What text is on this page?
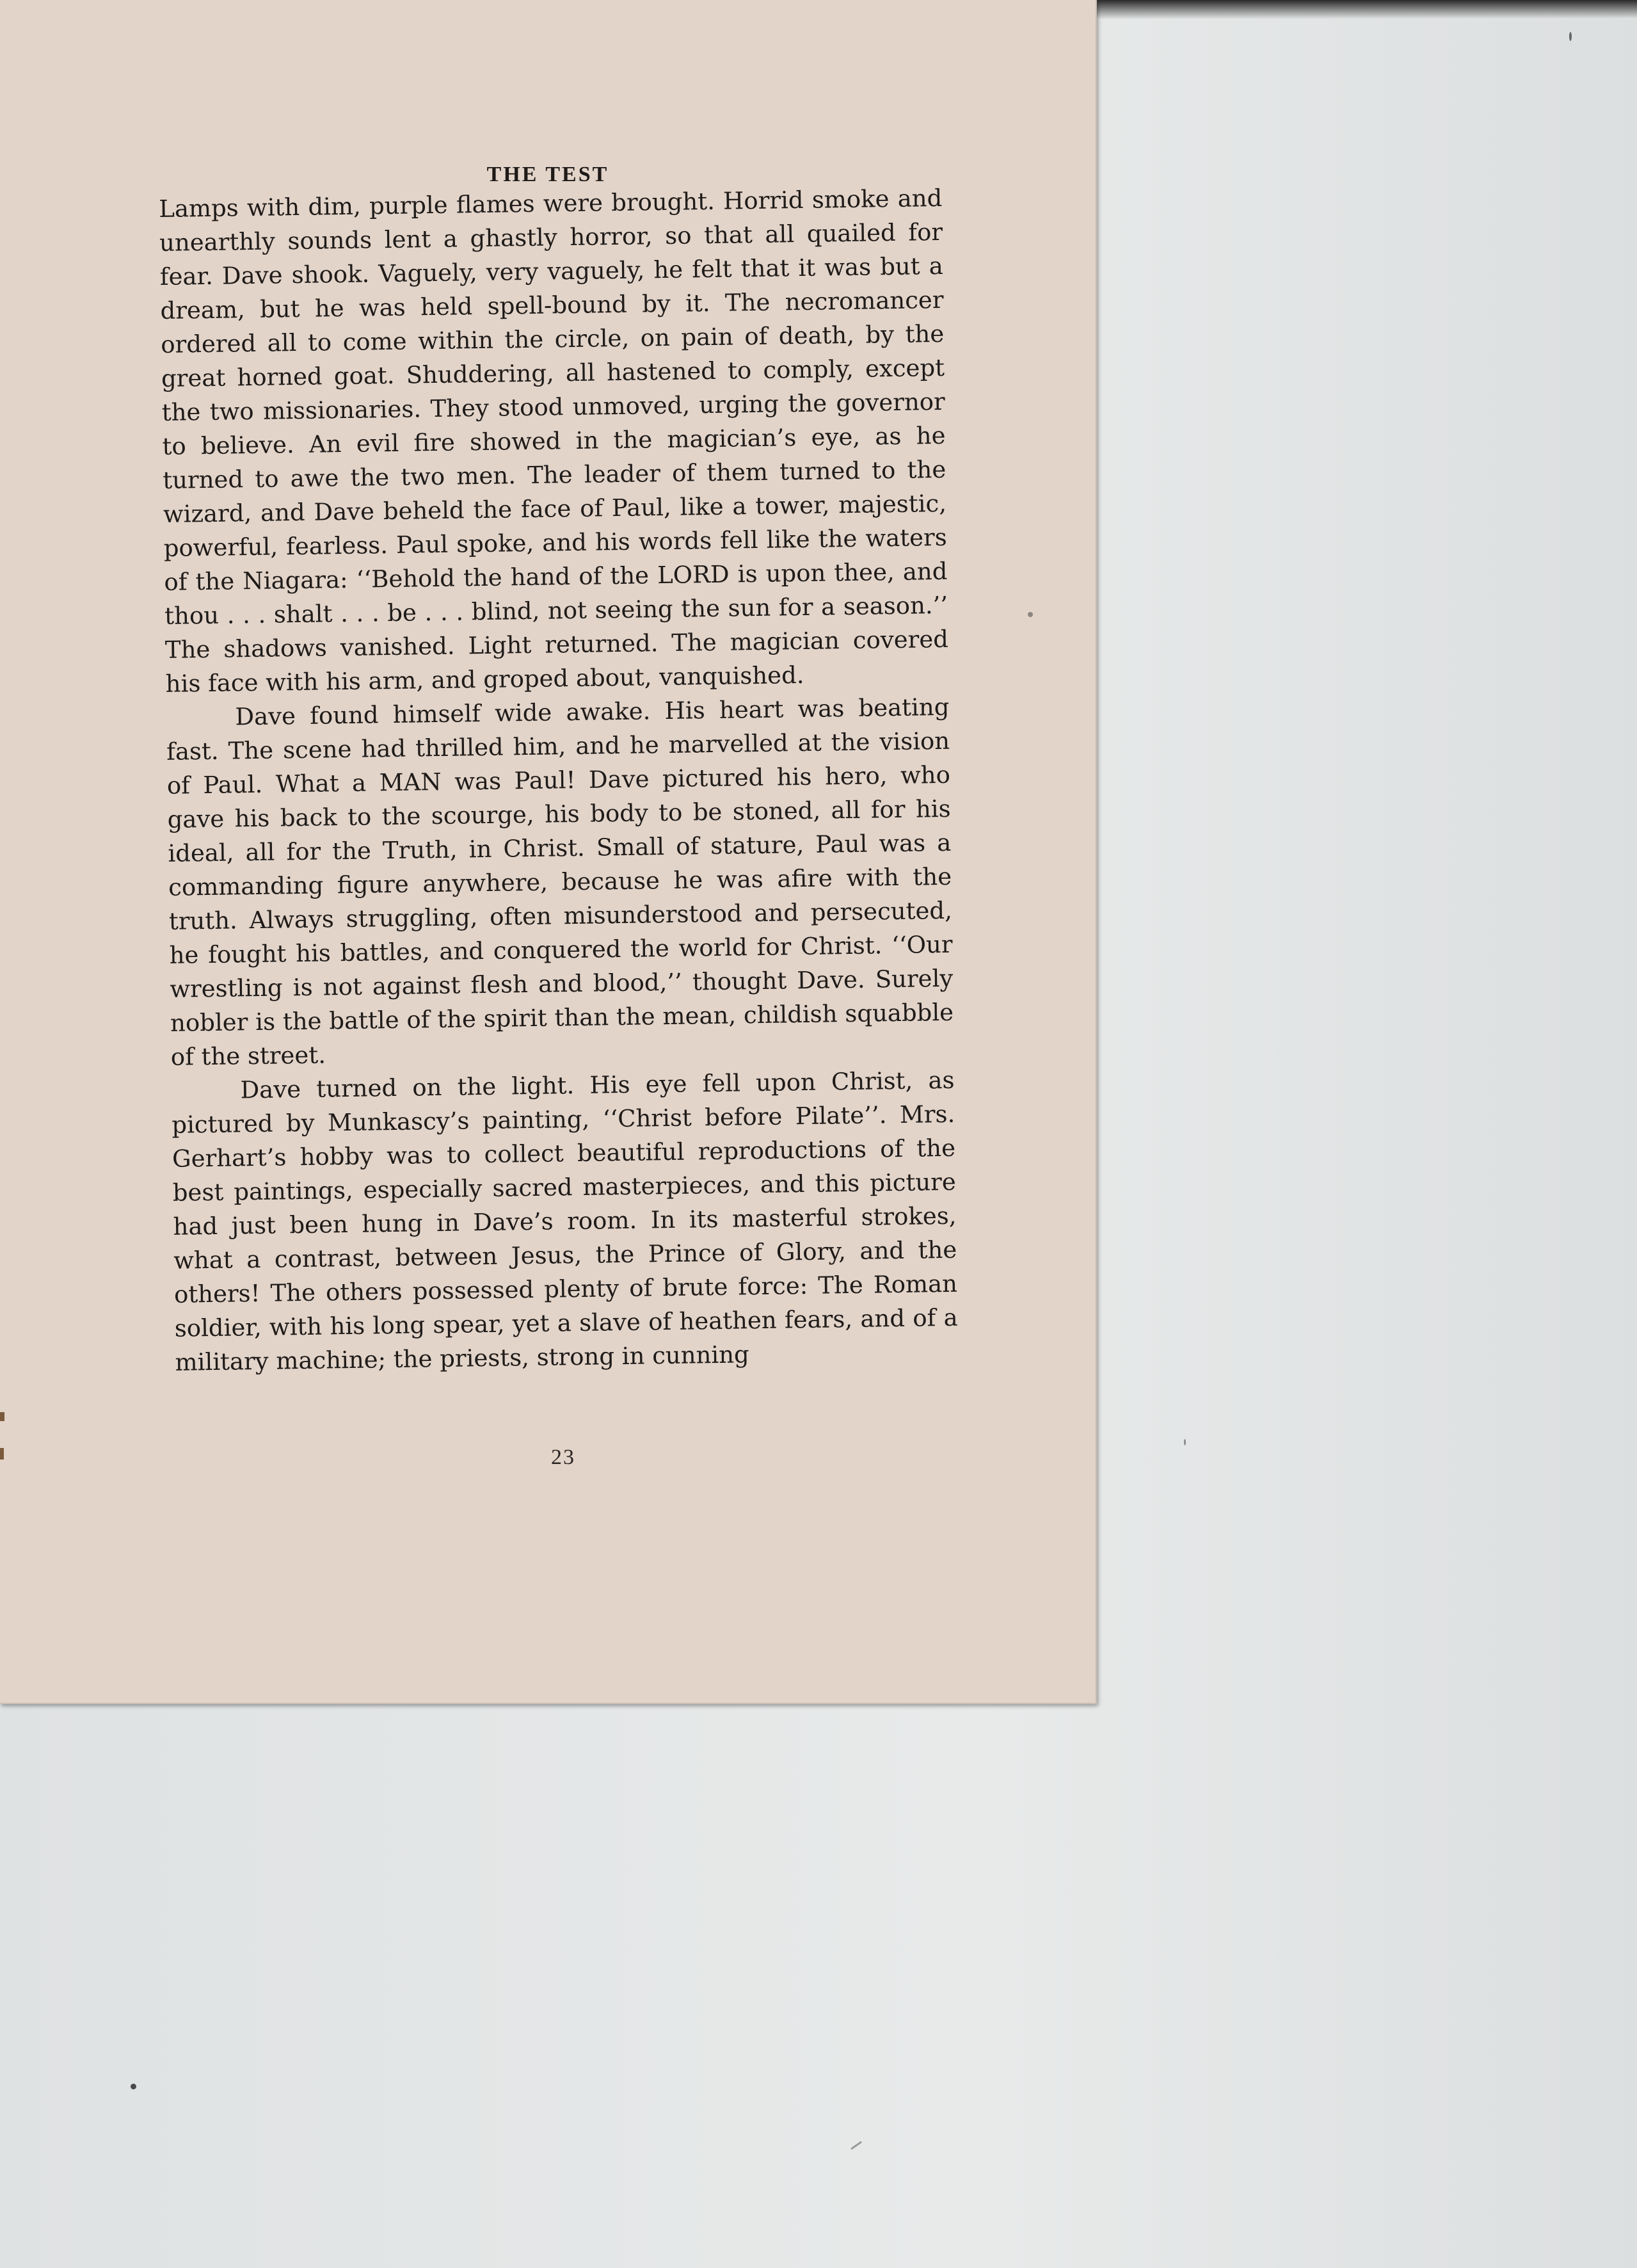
THE TEST

Lamps with dim, purple flames were brought. Horrid smoke and unearthly sounds lent a ghastly horror, so that all quailed for fear. Dave shook. Vaguely, very vaguely, he felt that it was but a dream, but he was held spell-bound by it. The necromancer ordered all to come within the circle, on pain of death, by the great horned goat. Shuddering, all hastened to comply, except the two missionaries. They stood unmoved, urging the governor to believe. An evil fire showed in the magician’s eye, as he turned to awe the two men. The leader of them turned to the wizard, and Dave beheld the face of Paul, like a tower, majestic, powerful, fearless. Paul spoke, and his words fell like the waters of the Niagara: ‘‘Behold the hand of the LORD is upon thee, and thou . . . shalt . . . be . . . blind, not seeing the sun for a season.’’ The shadows vanished. Light returned. The magician covered his face with his arm, and groped about, vanquished.

Dave found himself wide awake. His heart was beating fast. The scene had thrilled him, and he marvelled at the vision of Paul. What a MAN was Paul! Dave pictured his hero, who gave his back to the scourge, his body to be stoned, all for his ideal, all for the Truth, in Christ. Small of stature, Paul was a commanding figure anywhere, because he was afire with the truth. Always struggling, often misunderstood and persecuted, he fought his battles, and conquered the world for Christ. ‘‘Our wrestling is not against flesh and blood,’’ thought Dave. Surely nobler is the battle of the spirit than the mean, childish squabble of the street.

Dave turned on the light. His eye fell upon Christ, as pictured by Munkascy’s painting, ‘‘Christ before Pilate’’. Mrs. Gerhart’s hobby was to collect beautiful reproductions of the best paintings, especially sacred masterpieces, and this picture had just been hung in Dave’s room. In its masterful strokes, what a contrast, between Jesus, the Prince of Glory, and the others! The others possessed plenty of brute force: The Roman soldier, with his long spear, yet a slave of heathen fears, and of a military machine; the priests, strong in cunning

23
